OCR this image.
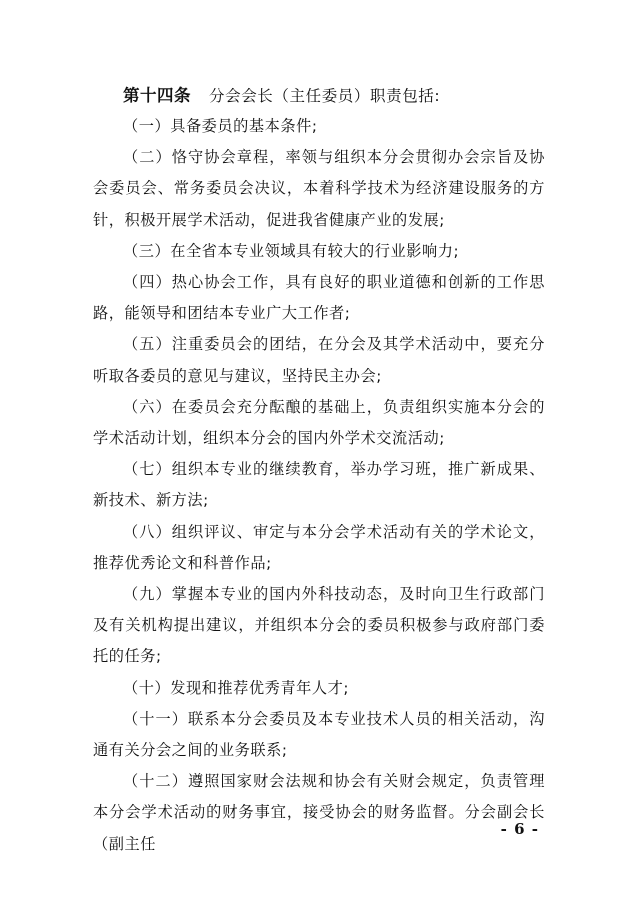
第十四条 分会会长（主任委员）职责包括:

（一）具备委员的基本条件;

（二）恪守协会章程，率领与组织本分会贯彻办会宗旨及协会委员会、常务委员会决议，本着科学技术为经济建设服务的方针，积极开展学术活动，促进我省健康产业的发展;

（三）在全省本专业领域具有较大的行业影响力;

（四）热心协会工作，具有良好的职业道德和创新的工作思路，能领导和团结本专业广大工作者;

（五）注重委员会的团结，在分会及其学术活动中，要充分听取各委员的意见与建议，坚持民主办会;

（六）在委员会充分酝酿的基础上，负责组织实施本分会的学术活动计划，组织本分会的国内外学术交流活动;

（七）组织本专业的继续教育，举办学习班，推广新成果、新技术、新方法;

（八）组织评议、审定与本分会学术活动有关的学术论文，推荐优秀论文和科普作品;

（九）掌握本专业的国内外科技动态，及时向卫生行政部门及有关机构提出建议，并组织本分会的委员积极参与政府部门委托的任务;

（十）发现和推荐优秀青年人才;

（十一）联系本分会委员及本专业技术人员的相关活动，沟通有关分会之间的业务联系;

（十二）遵照国家财会法规和协会有关财会规定，负责管理本分会学术活动的财务事宜，接受协会的财务监督。分会副会长（副主任

- 6 -
